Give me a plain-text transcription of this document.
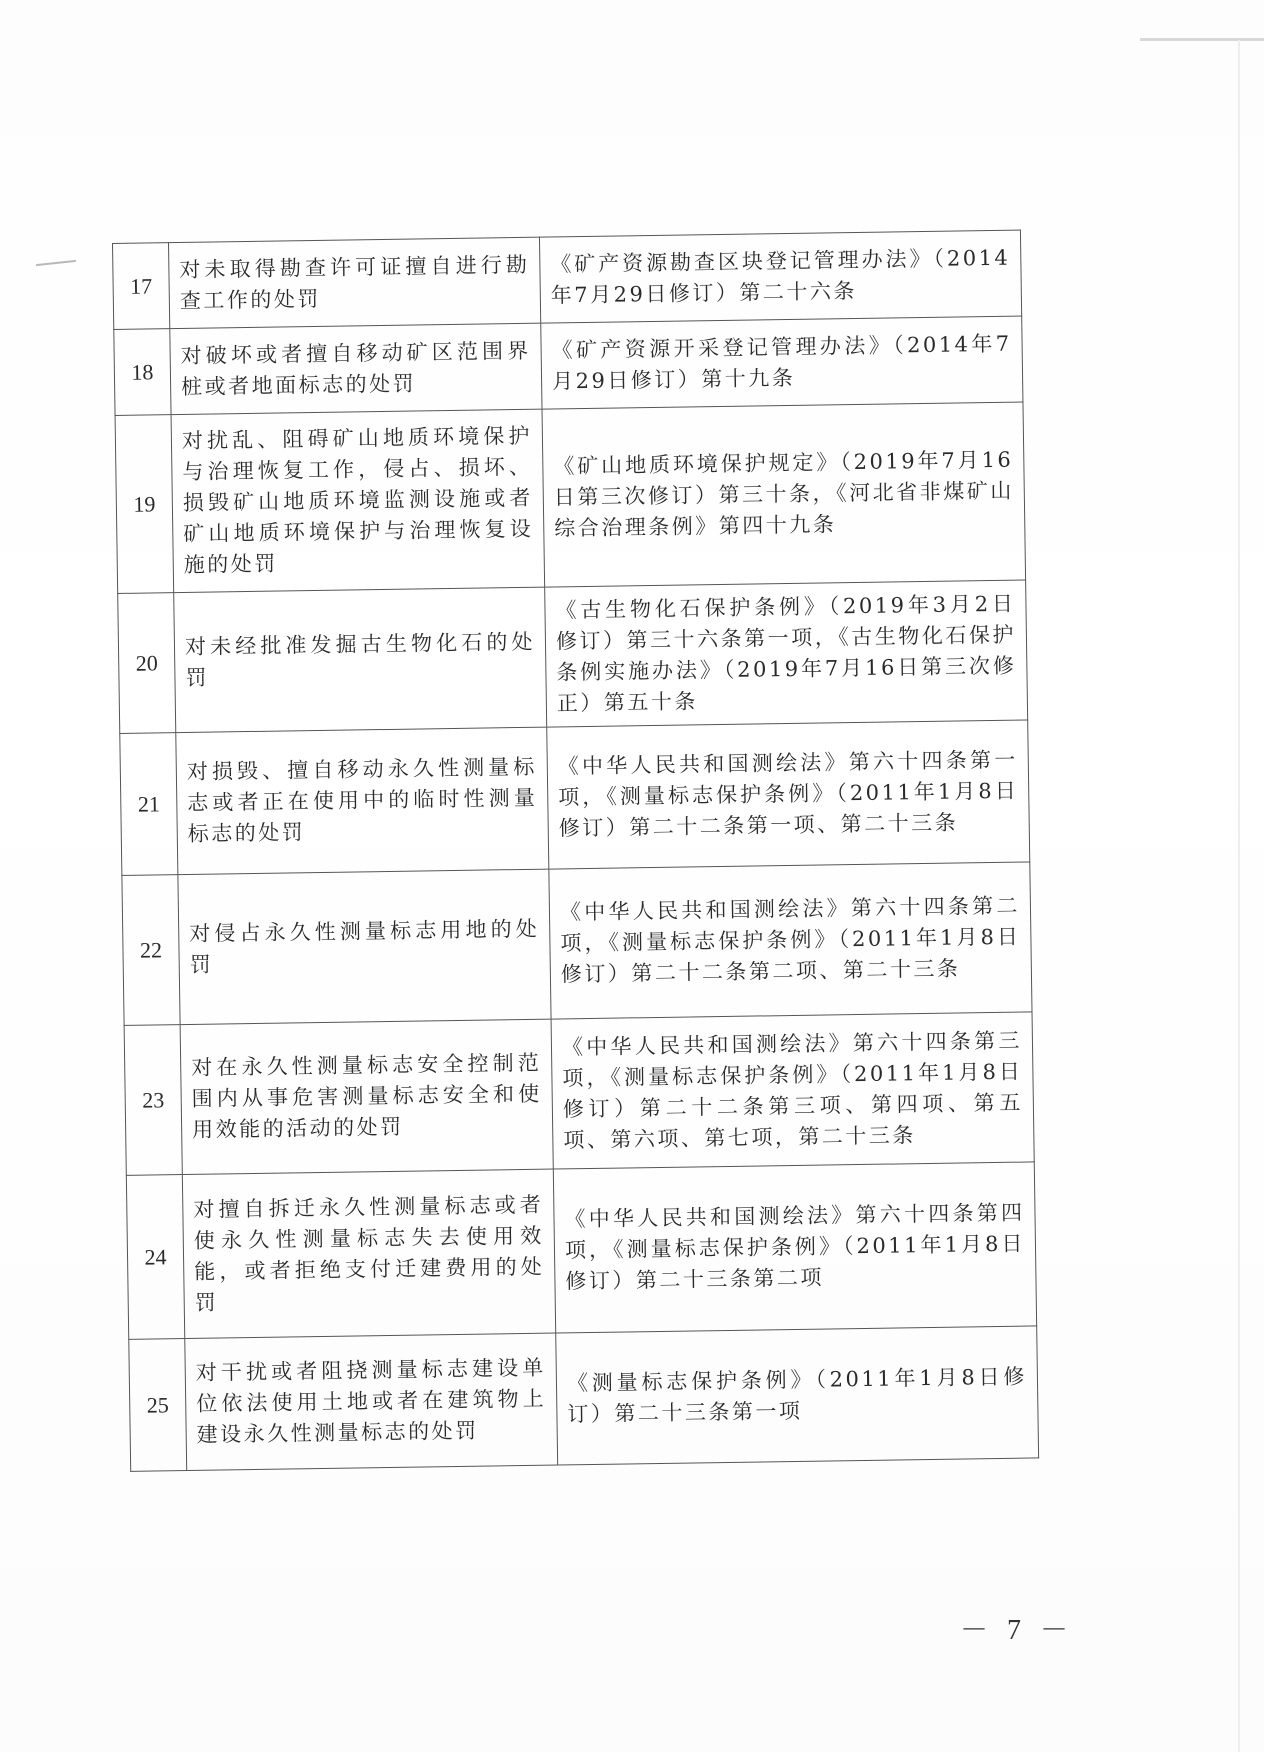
17	对未取得勘查许可证擅自进行勘查工作的处罚	《矿产资源勘查区块登记管理办法》（2014年7月29日修订）第二十六条
18	对破坏或者擅自移动矿区范围界桩或者地面标志的处罚	《矿产资源开采登记管理办法》（2014年7月29日修订）第十九条
19	对扰乱、阻碍矿山地质环境保护与治理恢复工作，侵占、损坏、损毁矿山地质环境监测设施或者矿山地质环境保护与治理恢复设施的处罚	《矿山地质环境保护规定》（2019年7月16日第三次修订）第三十条，《河北省非煤矿山综合治理条例》第四十九条
20	对未经批准发掘古生物化石的处罚	《古生物化石保护条例》（2019年3月2日修订）第三十六条第一项，《古生物化石保护条例实施办法》（2019年7月16日第三次修正）第五十条
21	对损毁、擅自移动永久性测量标志或者正在使用中的临时性测量标志的处罚	《中华人民共和国测绘法》第六十四条第一项，《测量标志保护条例》（2011年1月8日修订）第二十二条第一项、第二十三条
22	对侵占永久性测量标志用地的处罚	《中华人民共和国测绘法》第六十四条第二项，《测量标志保护条例》（2011年1月8日修订）第二十二条第二项、第二十三条
23	对在永久性测量标志安全控制范围内从事危害测量标志安全和使用效能的活动的处罚	《中华人民共和国测绘法》第六十四条第三项，《测量标志保护条例》（2011年1月8日修订）第二十二条第三项、第四项、第五项、第六项、第七项，第二十三条
24	对擅自拆迁永久性测量标志或者使永久性测量标志失去使用效能，或者拒绝支付迁建费用的处罚	《中华人民共和国测绘法》第六十四条第四项，《测量标志保护条例》（2011年1月8日修订）第二十三条第二项
25	对干扰或者阻挠测量标志建设单位依法使用土地或者在建筑物上建设永久性测量标志的处罚	《测量标志保护条例》（2011年1月8日修订）第二十三条第一项
－ 7 －
